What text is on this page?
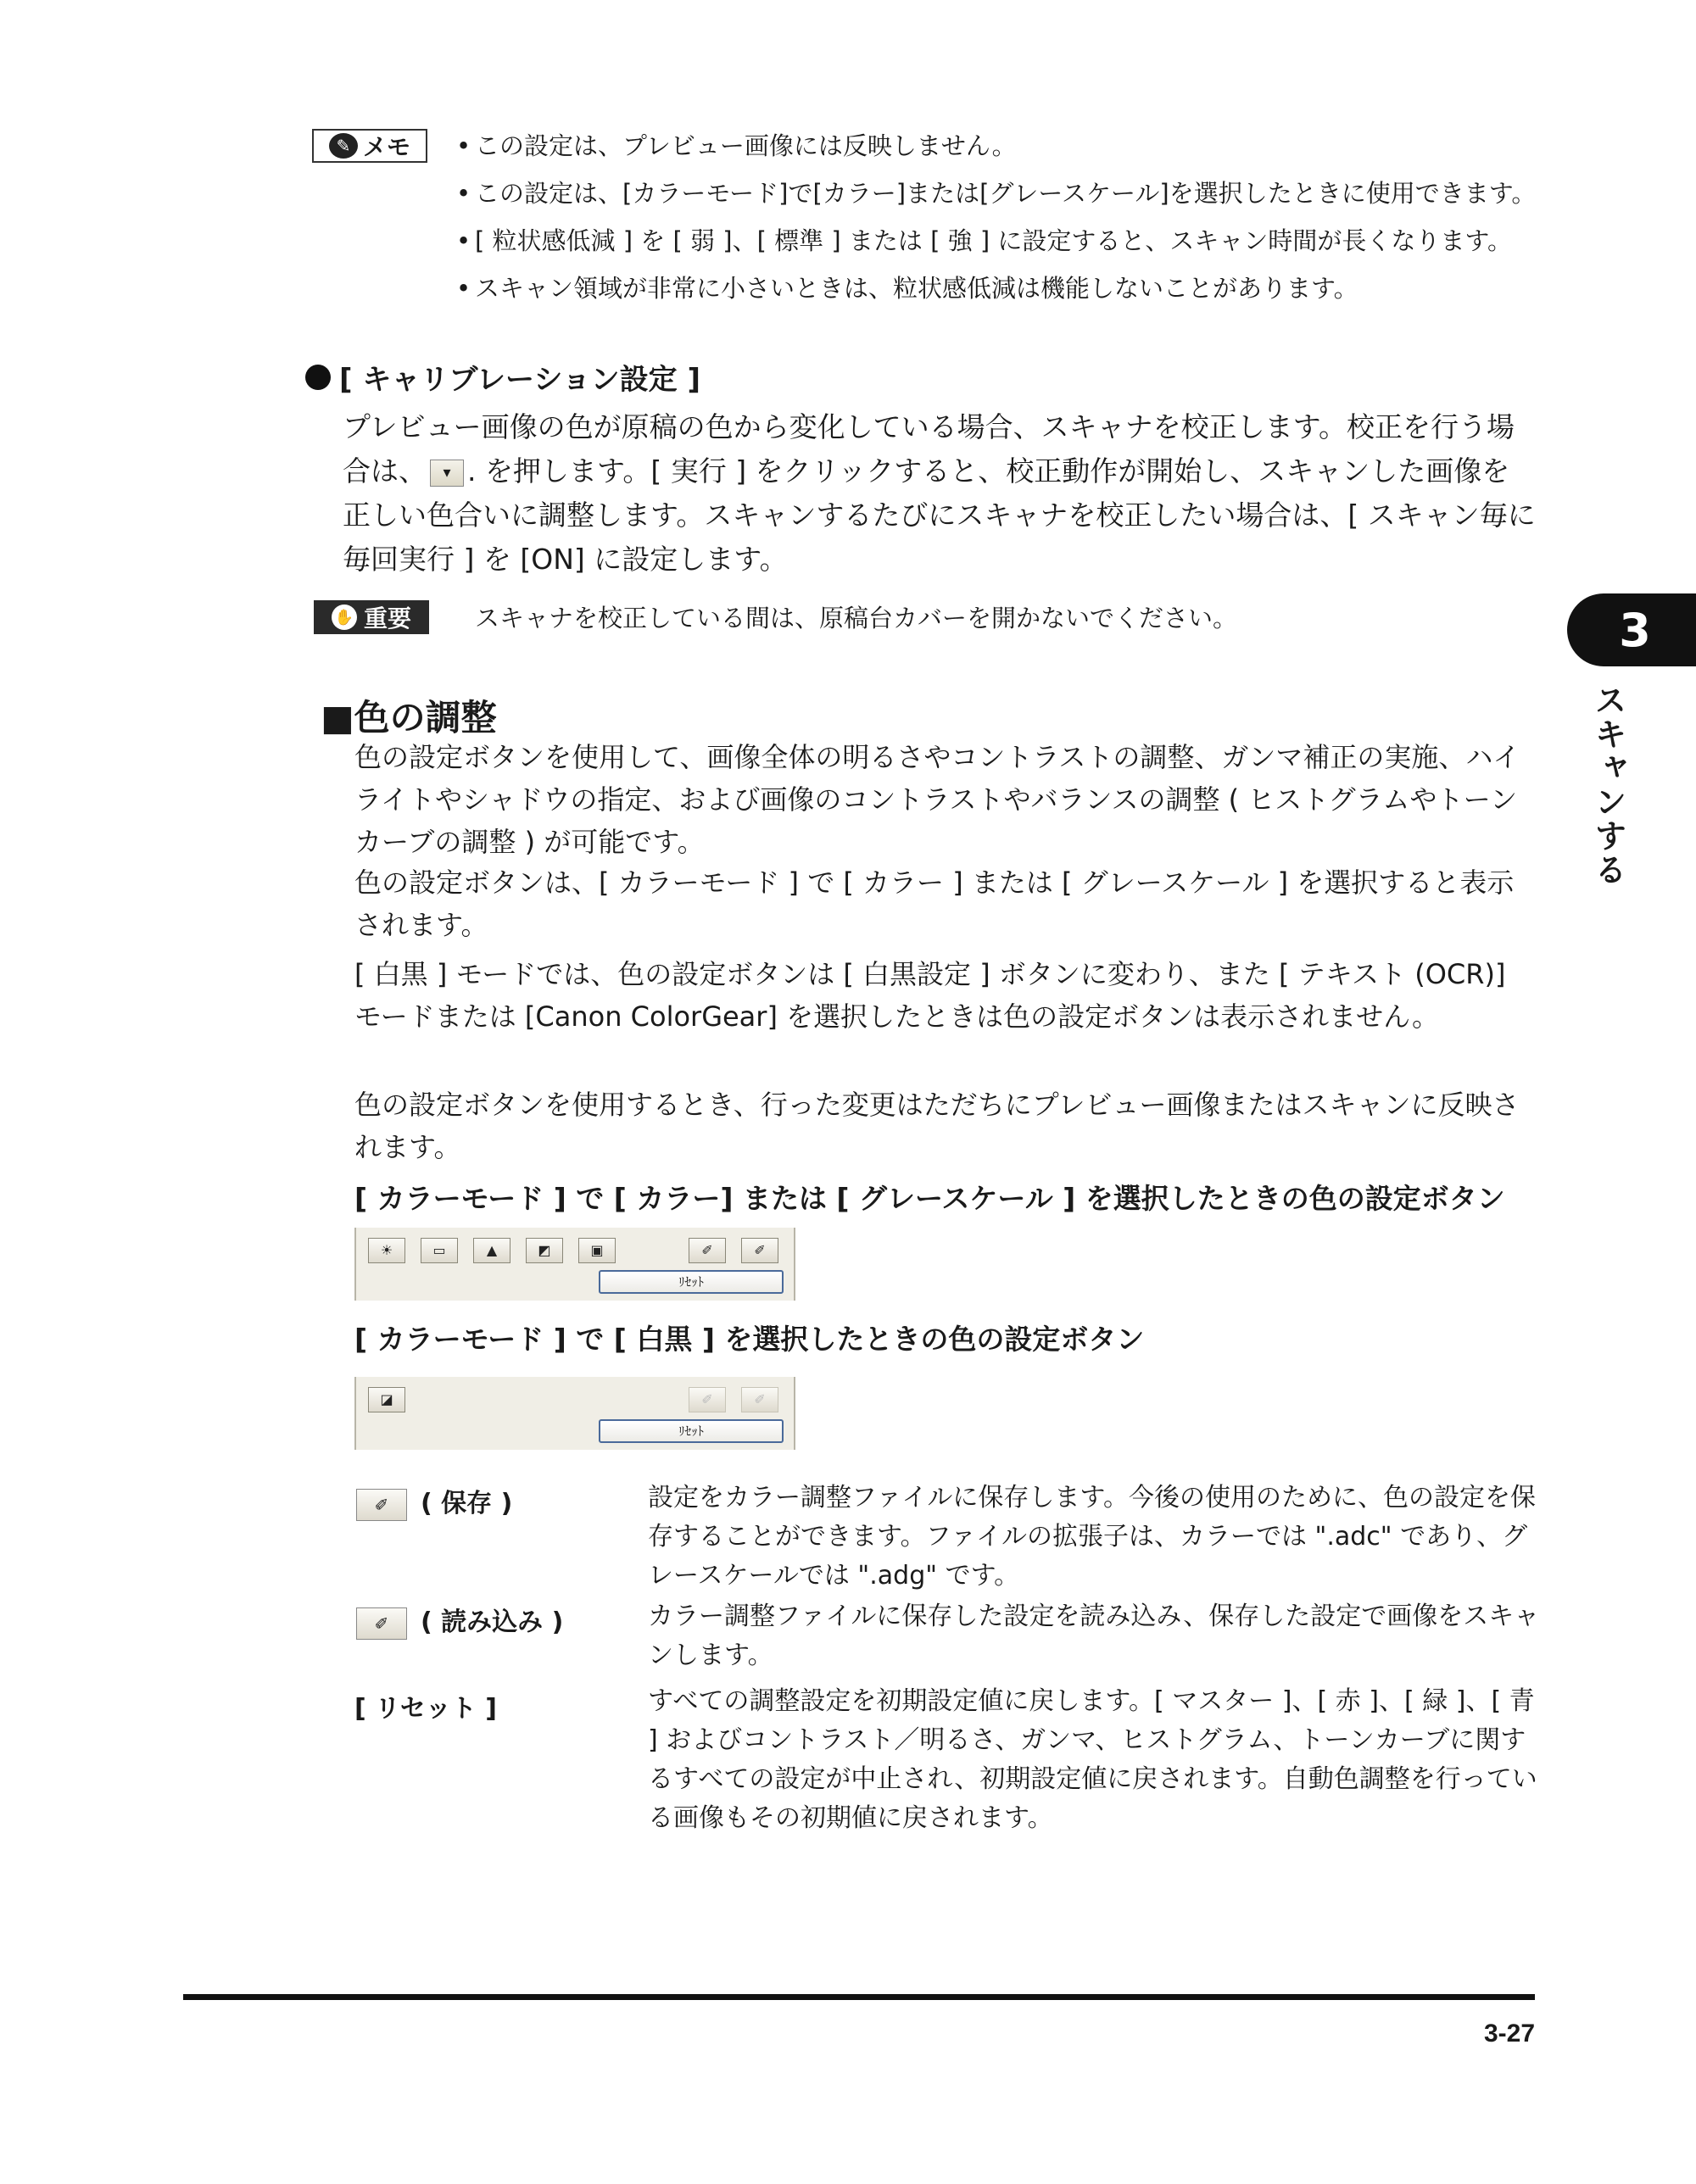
✎ メモ
•	この設定は、プレビュー画像には反映しません。
• この設定は、[カラーモード]で[カラー]または[グレースケール]を選択したときに使用できます。
• [ 粒状感低減 ] を [ 弱 ]、[ 標準 ] または [ 強 ] に設定すると、スキャン時間が長くなります。
• スキャン領域が非常に小さいときは、粒状感低減は機能しないことがあります。
[ キャリブレーション設定 ]
プレビュー画像の色が原稿の色から変化している場合、スキャナを校正します。校正を行う場合は、 ▾ . を押します。[ 実行 ] をクリックすると、校正動作が開始し、スキャンした画像を正しい色合いに調整します。スキャンするたびにスキャナを校正したい場合は、[ スキャン毎に毎回実行 ] を [ON] に設定します。
✋ 重要	スキャナを校正している間は、原稿台カバーを開かないでください。	3
スキャンする
■色の調整
色の設定ボタンを使用して、画像全体の明るさやコントラストの調整、ガンマ補正の実施、ハイライトやシャドウの指定、および画像のコントラストやバランスの調整 ( ヒストグラムやトーンカーブの調整 ) が可能です。
色の設定ボタンは、[ カラーモード ] で [ カラー ] または [ グレースケール ] を選択すると表示されます。
[ 白黒 ] モードでは、色の設定ボタンは [ 白黒設定 ] ボタンに変わり、また [ テキスト (OCR)] モードまたは [Canon ColorGear] を選択したときは色の設定ボタンは表示されません。
色の設定ボタンを使用するとき、行った変更はただちにプレビュー画像またはスキャンに反映されます。
[ カラーモード ] で [ カラー] または [ グレースケール ] を選択したときの色の設定ボタン
☀	▭	▲	◩	▣	✐	✐
ﾘｾｯﾄ
[ カラーモード ] で [ 白黒 ] を選択したときの色の設定ボタン
◪	✐	✐
ﾘｾｯﾄ
✐	( 保存 )	設定をカラー調整ファイルに保存します。今後の使用のために、色の設定を保存することができます。ファイルの拡張子は、カラーでは ".adc" であり、グレースケールでは ".adg" です。
✐	( 読み込み )	カラー調整ファイルに保存した設定を読み込み、保存した設定で画像をスキャンします。
[ リセット ]	すべての調整設定を初期設定値に戻します。[ マスター ]、[ 赤 ]、[ 緑 ]、[ 青 ] およびコントラスト／明るさ、ガンマ、ヒストグラム、トーンカーブに関するすべての設定が中止され、初期設定値に戻されます。自動色調整を行っている画像もその初期値に戻されます。
3-27
